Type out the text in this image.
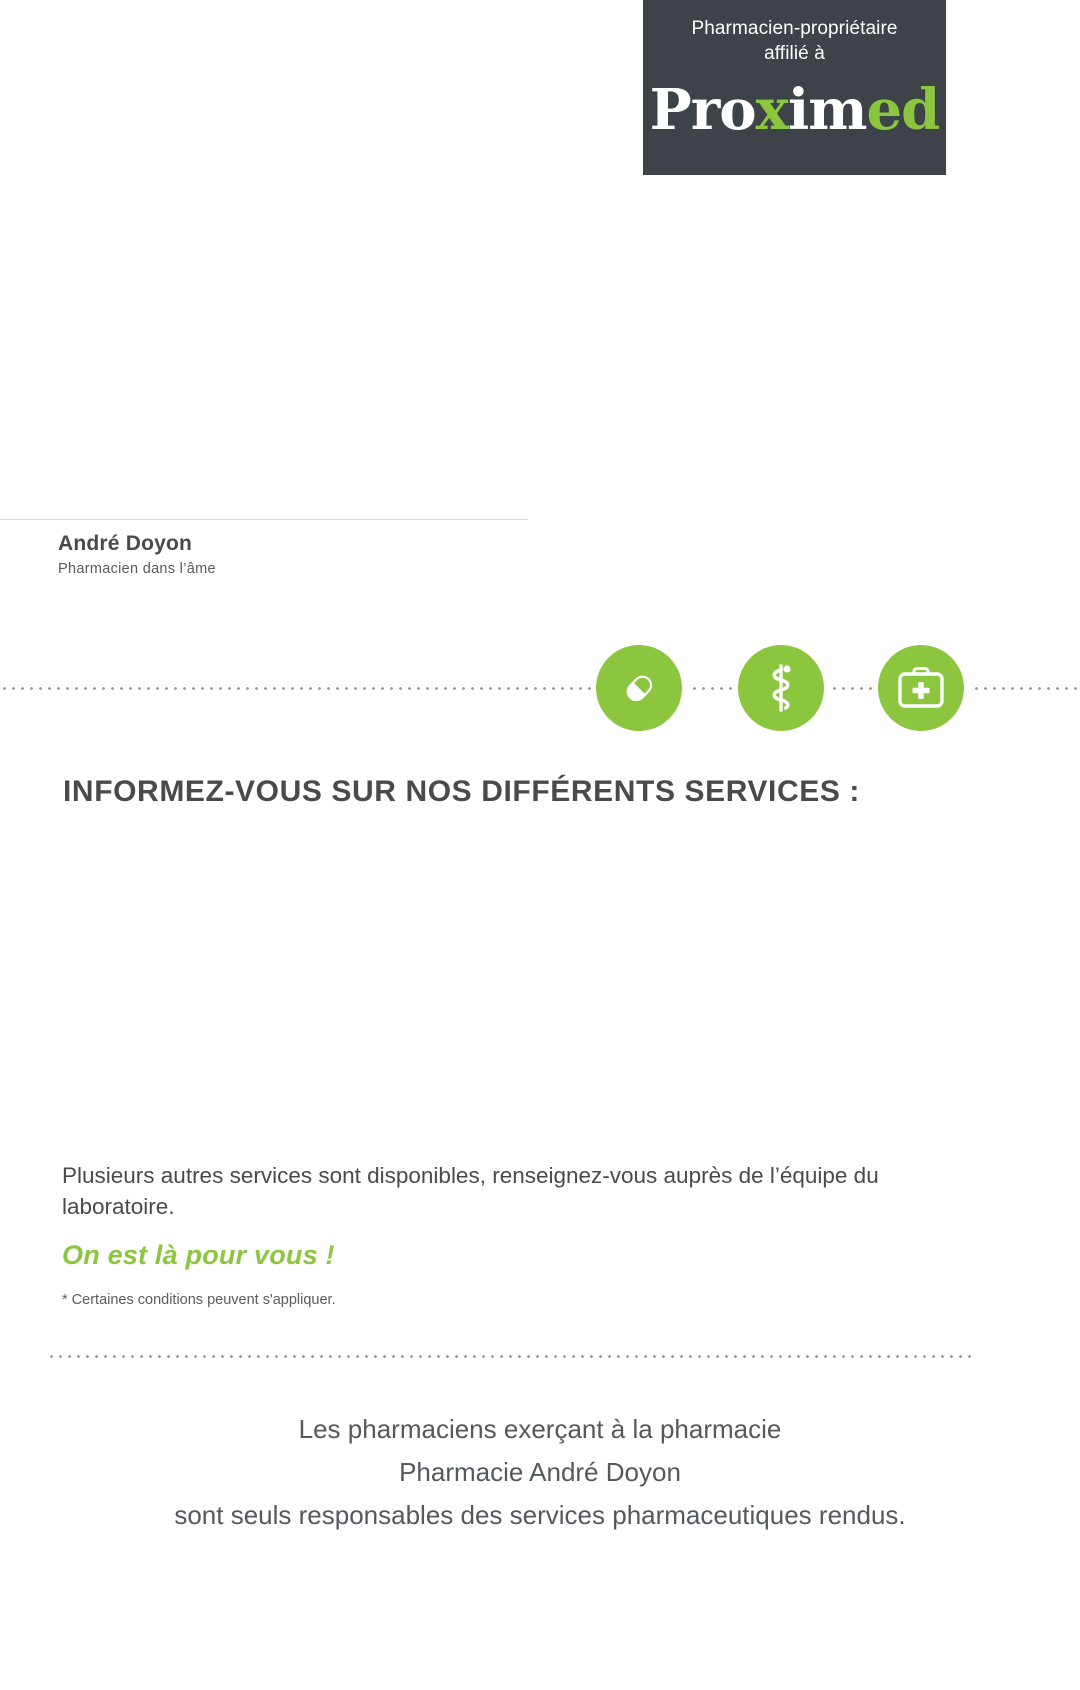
Pharmacien-propriétaire
affilié à
Proximed
André Doyon
Pharmacien dans l’âme
INFORMEZ-VOUS SUR NOS DIFFÉRENTS SERVICES :
Plusieurs autres services sont disponibles, renseignez-vous auprès de l’équipe du laboratoire.
On est là pour vous !
* Certaines conditions peuvent s'appliquer.
Les pharmaciens exerçant à la pharmacie
Pharmacie André Doyon
sont seuls responsables des services pharmaceutiques rendus.
